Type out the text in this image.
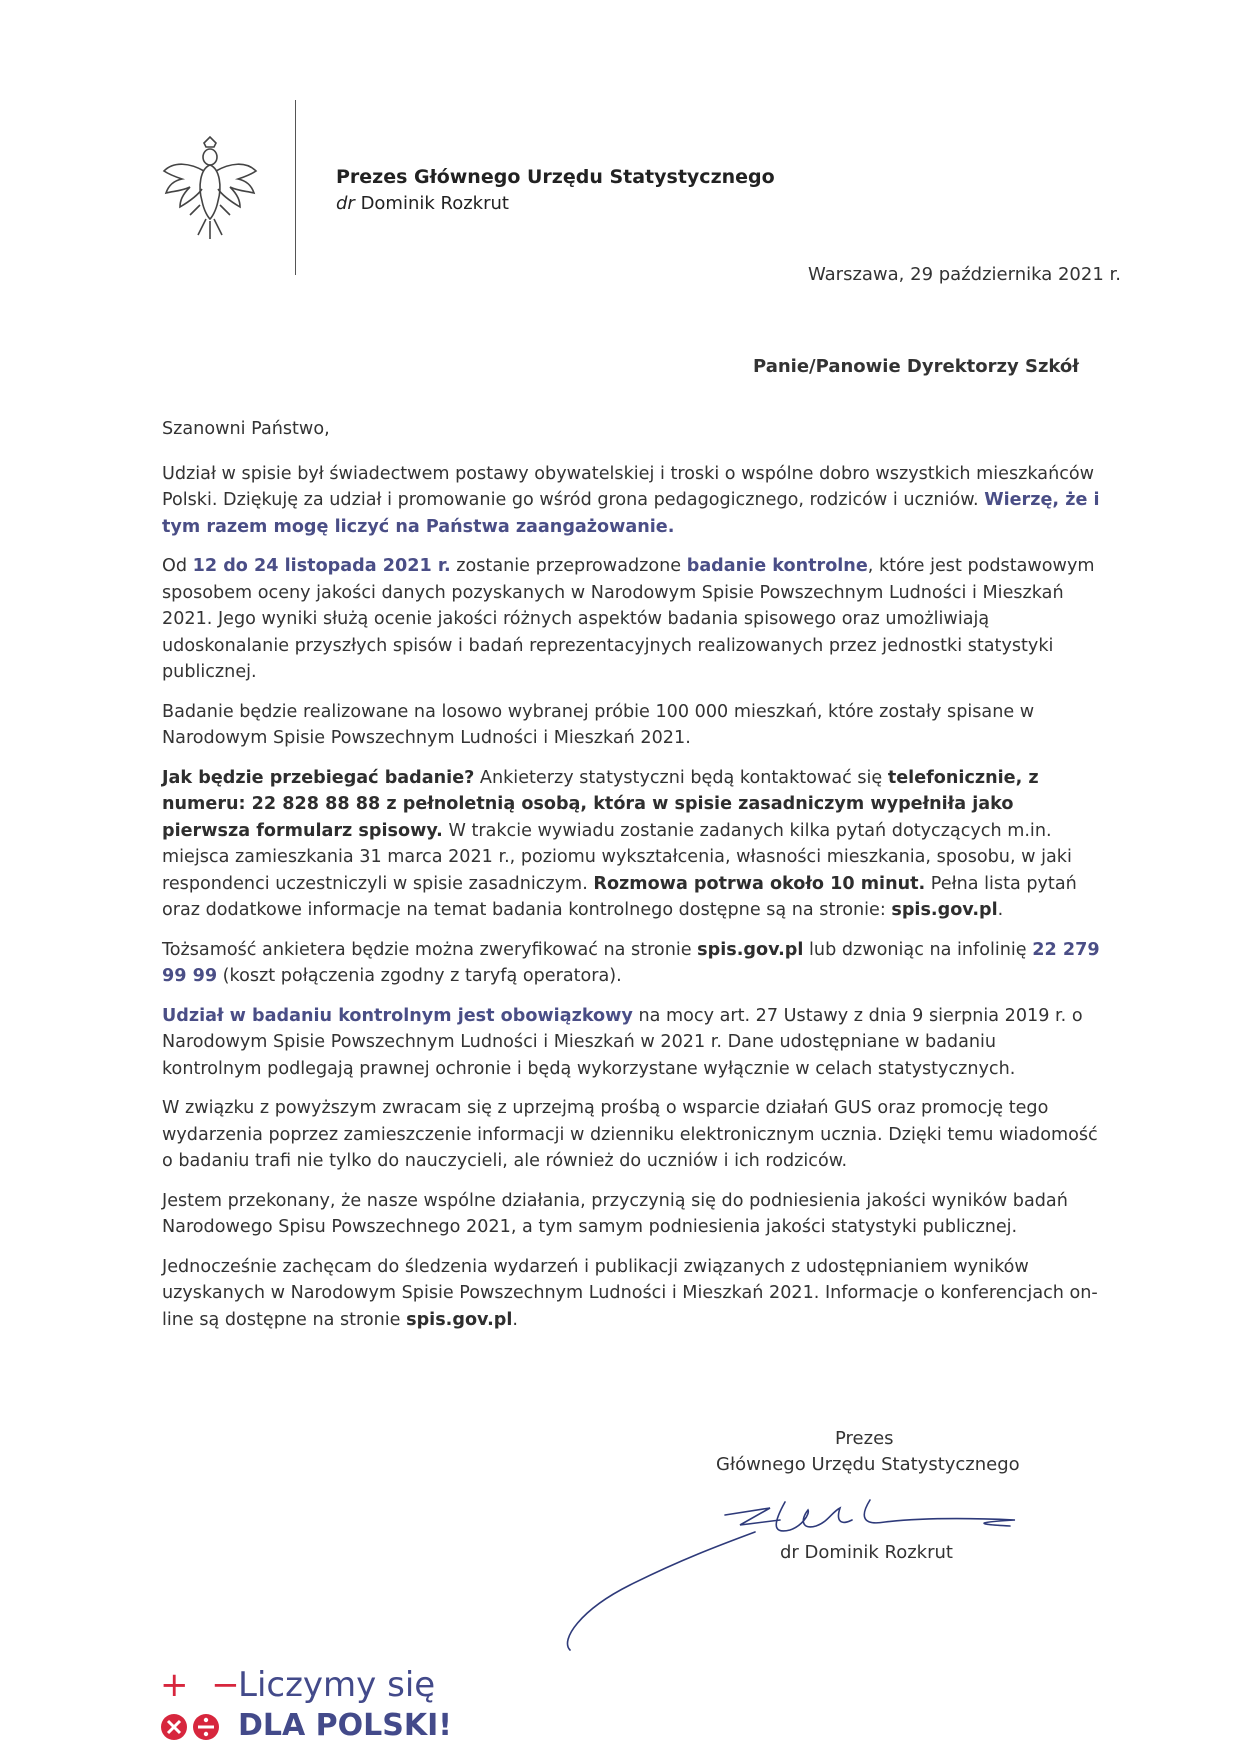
Prezes Głównego Urzędu Statystycznego
dr Dominik Rozkrut
Warszawa, 29 października 2021 r.
Panie/Panowie Dyrektorzy Szkół

Szanowni Państwo,

Udział w spisie był świadectwem postawy obywatelskiej i troski o wspólne dobro wszystkich mieszkańców Polski. Dziękuję za udział i promowanie go wśród grona pedagogicznego, rodziców i uczniów. Wierzę, że i tym razem mogę liczyć na Państwa zaangażowanie.

Od 12 do 24 listopada 2021 r. zostanie przeprowadzone badanie kontrolne, które jest podstawowym sposobem oceny jakości danych pozyskanych w Narodowym Spisie Powszechnym Ludności i Mieszkań 2021. Jego wyniki służą ocenie jakości różnych aspektów badania spisowego oraz umożliwiają udoskonalanie przyszłych spisów i badań reprezentacyjnych realizowanych przez jednostki statystyki publicznej.

Badanie będzie realizowane na losowo wybranej próbie 100 000 mieszkań, które zostały spisane w Narodowym Spisie Powszechnym Ludności i Mieszkań 2021.

Jak będzie przebiegać badanie? Ankieterzy statystyczni będą kontaktować się telefonicznie, z numeru: 22 828 88 88 z pełnoletnią osobą, która w spisie zasadniczym wypełniła jako pierwsza formularz spisowy. W trakcie wywiadu zostanie zadanych kilka pytań dotyczących m.in. miejsca zamieszkania 31 marca 2021 r., poziomu wykształcenia, własności mieszkania, sposobu, w jaki respondenci uczestniczyli w spisie zasadniczym. Rozmowa potrwa około 10 minut. Pełna lista pytań oraz dodatkowe informacje na temat badania kontrolnego dostępne są na stronie: spis.gov.pl.

Tożsamość ankietera będzie można zweryfikować na stronie spis.gov.pl lub dzwoniąc na infolinię 22 279 99 99 (koszt połączenia zgodny z taryfą operatora).

Udział w badaniu kontrolnym jest obowiązkowy na mocy art. 27 Ustawy z dnia 9 sierpnia 2019 r. o Narodowym Spisie Powszechnym Ludności i Mieszkań w 2021 r. Dane udostępniane w badaniu kontrolnym podlegają prawnej ochronie i będą wykorzystane wyłącznie w celach statystycznych.

W związku z powyższym zwracam się z uprzejmą prośbą o wsparcie działań GUS oraz promocję tego wydarzenia poprzez zamieszczenie informacji w dzienniku elektronicznym ucznia. Dzięki temu wiadomość o badaniu trafi nie tylko do nauczycieli, ale również do uczniów i ich rodziców.

Jestem przekonany, że nasze wspólne działania, przyczynią się do podniesienia jakości wyników badań Narodowego Spisu Powszechnego 2021, a tym samym podniesienia jakości statystyki publicznej.

Jednocześnie zachęcam do śledzenia wydarzeń i publikacji związanych z udostępnianiem wyników uzyskanych w Narodowym Spisie Powszechnym Ludności i Mieszkań 2021. Informacje o konferencjach on-line są dostępne na stronie spis.gov.pl.

Prezes
Głównego Urzędu Statystycznego
dr Dominik Rozkrut
+ −
Liczymy się
DLA POLSKI!
